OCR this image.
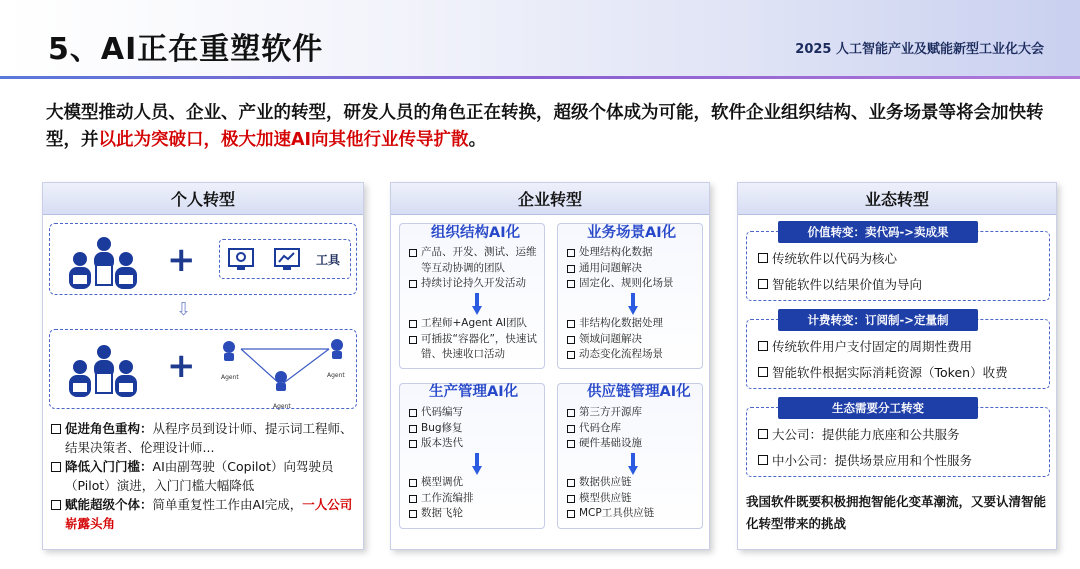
5、AI正在重塑软件	2025 人工智能产业及赋能新型工业化大会
大模型推动人员、企业、产业的转型，研发人员的角色正在转换，超级个体成为可能，软件企业组织结构、业务场景等将会加快转型，并以此为突破口，极大加速AI向其他行业传导扩散。
个人转型
+	工具
⇩
+	Agent	Agent
Agent
促进角色重构：从程序员到设计师、提示词工程师、结果决策者、伦理设计师...
降低入门门槛：AI由副驾驶（Copilot）向驾驶员（Pilot）演进，入门门槛大幅降低
赋能超级个体：简单重复性工作由AI完成，一人公司崭露头角
企业转型
组织结构AI化
产品、开发、测试、运维等互动协调的团队
持续讨论持久开发活动
工程师+Agent AI团队
可插拔“容器化”，快速试错、快速收口活动
业务场景AI化
处理结构化数据
通用问题解决
固定化、规则化场景
非结构化数据处理
领域问题解决
动态变化流程场景
生产管理AI化
代码编写
Bug修复
版本迭代
模型调优
工作流编排
数据飞轮
供应链管理AI化
第三方开源库
代码仓库
硬件基础设施
数据供应链
模型供应链
MCP工具供应链
业态转型
价值转变：卖代码->卖成果
传统软件以代码为核心
智能软件以结果价值为导向
计费转变：订阅制->定量制
传统软件用户支付固定的周期性费用
智能软件根据实际消耗资源（Token）收费
生态需要分工转变
大公司：提供能力底座和公共服务
中小公司：提供场景应用和个性服务
我国软件既要积极拥抱智能化变革潮流，又要认清智能化转型带来的挑战
